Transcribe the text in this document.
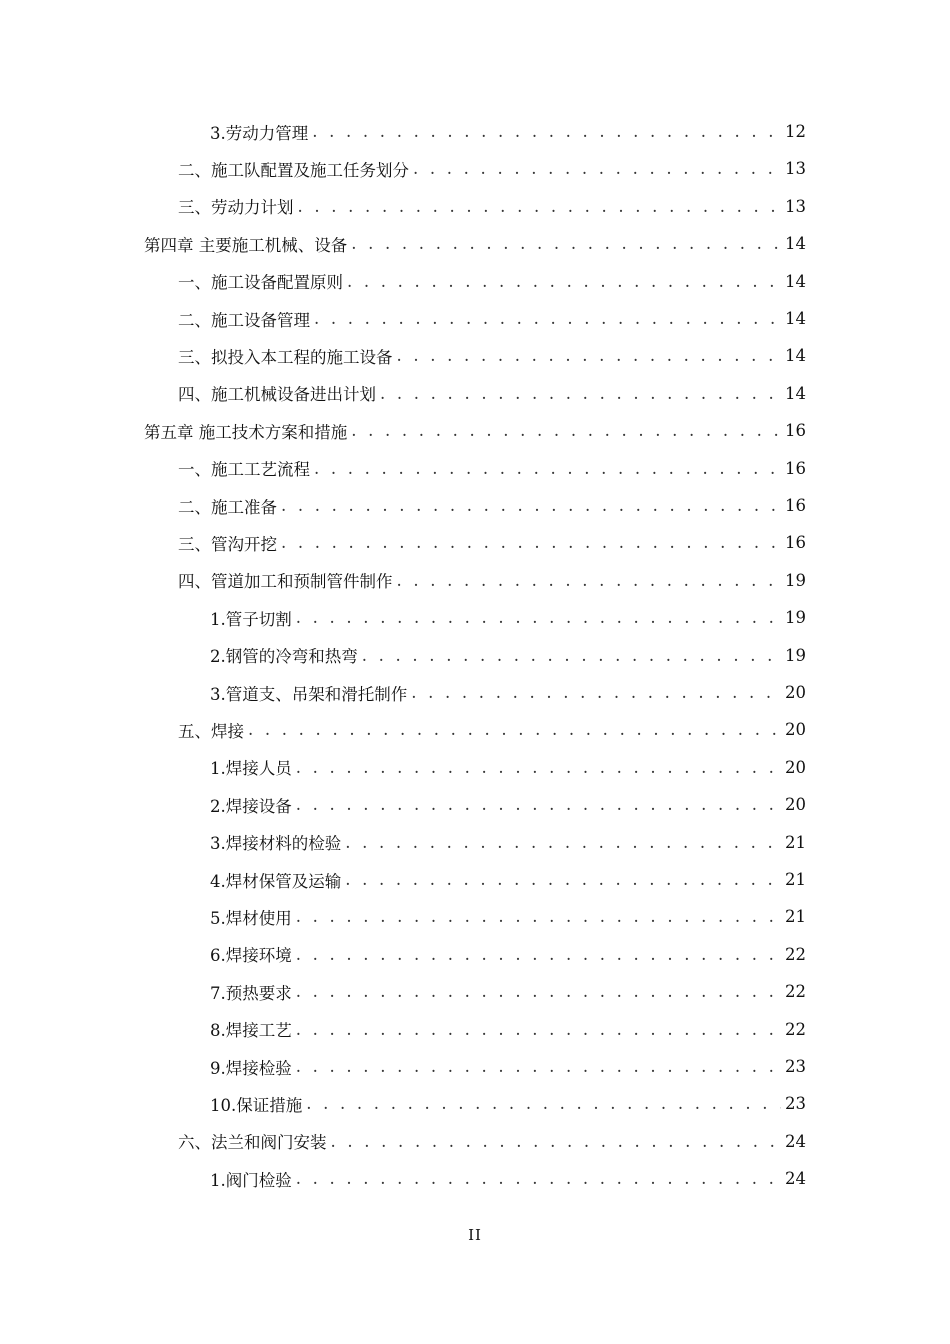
3.劳动力管理 . . .	12
二、施工队配置及施工任务划分 . . .	13
三、劳动力计划 . . .	13
第四章 主要施工机械、设备 . . .	14
一、施工设备配置原则 . . .	14
二、施工设备管理 . . .	14
三、拟投入本工程的施工设备 . . .	14
四、施工机械设备进出计划 . . .	14
第五章 施工技术方案和措施 . . .	16
一、施工工艺流程 . . .	16
二、施工准备 . . .	16
三、管沟开挖 . . .	16
四、管道加工和预制管件制作 . . .	19
1.管子切割 . . .	19
2.钢管的冷弯和热弯 . . .	19
3.管道支、吊架和滑托制作 . . .	20
五、焊接 . . .	20
1.焊接人员 . . .	20
2.焊接设备 . . .	20
3.焊接材料的检验 . . .	21
4.焊材保管及运输 . . .	21
5.焊材使用 . . .	21
6.焊接环境 . . .	22
7.预热要求 . . .	22
8.焊接工艺 . . .	22
9.焊接检验 . . .	23
10.保证措施 . . .	23
六、法兰和阀门安装 . . .	24
1.阀门检验 . . .	24
II
